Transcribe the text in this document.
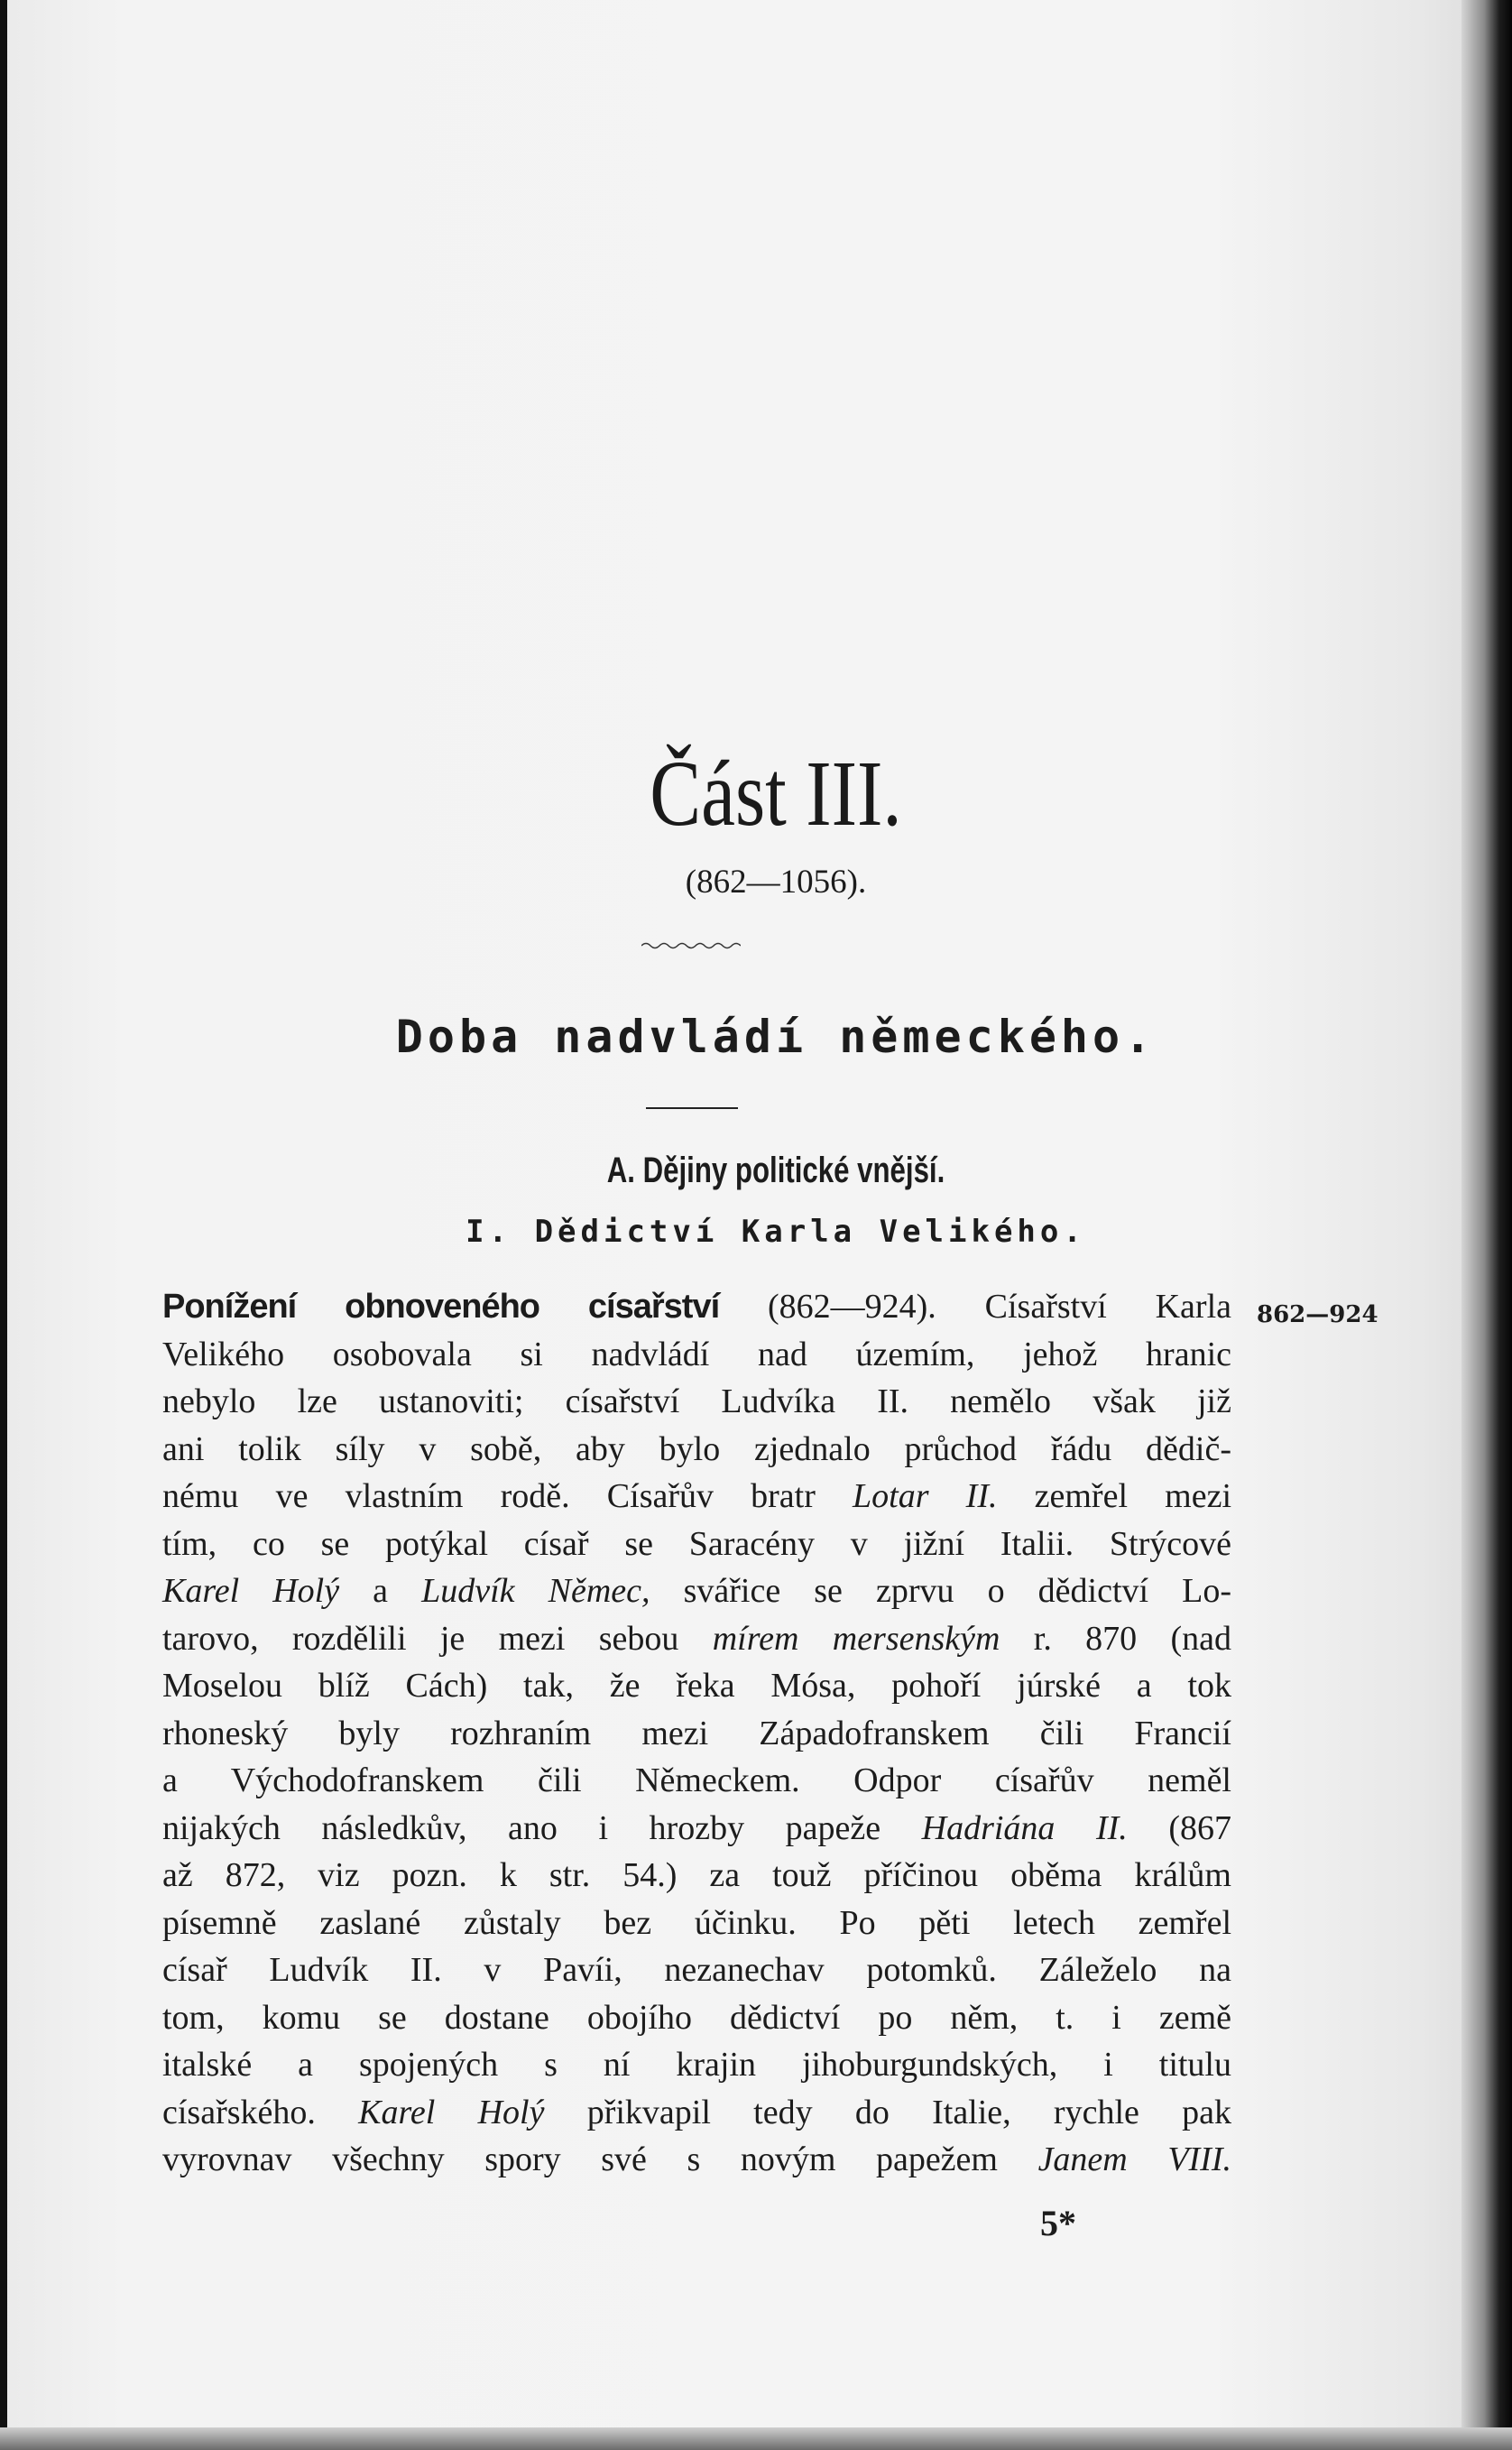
Část III.
(862—1056).
Doba nadvládí německého.
A. Dějiny politické vnější.
I. Dědictví Karla Velikého.
862—924
Ponížení obnoveného císařství (862—924). Císařství Karla
Velikého osobovala si nadvládí nad územím, jehož hranic
nebylo lze ustanoviti; císařství Ludvíka II. nemělo však již
ani tolik síly v sobě, aby bylo zjednalo průchod řádu dědič-
nému ve vlastním rodě. Císařův bratr Lotar II. zemřel mezi
tím, co se potýkal císař se Saracény v jižní Italii. Strýcové
Karel Holý a Ludvík Němec, svářice se zprvu o dědictví Lo-
tarovo, rozdělili je mezi sebou mírem mersenským r. 870 (nad
Moselou blíž Cách) tak, že řeka Mósa, pohoří júrské a tok
rhoneský byly rozhraním mezi Západofranskem čili Francií
a Východofranskem čili Německem. Odpor císařův neměl
nijakých následkův, ano i hrozby papeže Hadriána II. (867
až 872, viz pozn. k str. 54.) za touž příčinou oběma králům
písemně zaslané zůstaly bez účinku. Po pěti letech zemřel
císař Ludvík II. v Pavíi, nezanechav potomků. Záleželo na
tom, komu se dostane obojího dědictví po něm, t. i země
italské a spojených s ní krajin jihoburgundských, i titulu
císařského. Karel Holý přikvapil tedy do Italie, rychle pak
vyrovnav všechny spory své s novým papežem Janem VIII.
5*
